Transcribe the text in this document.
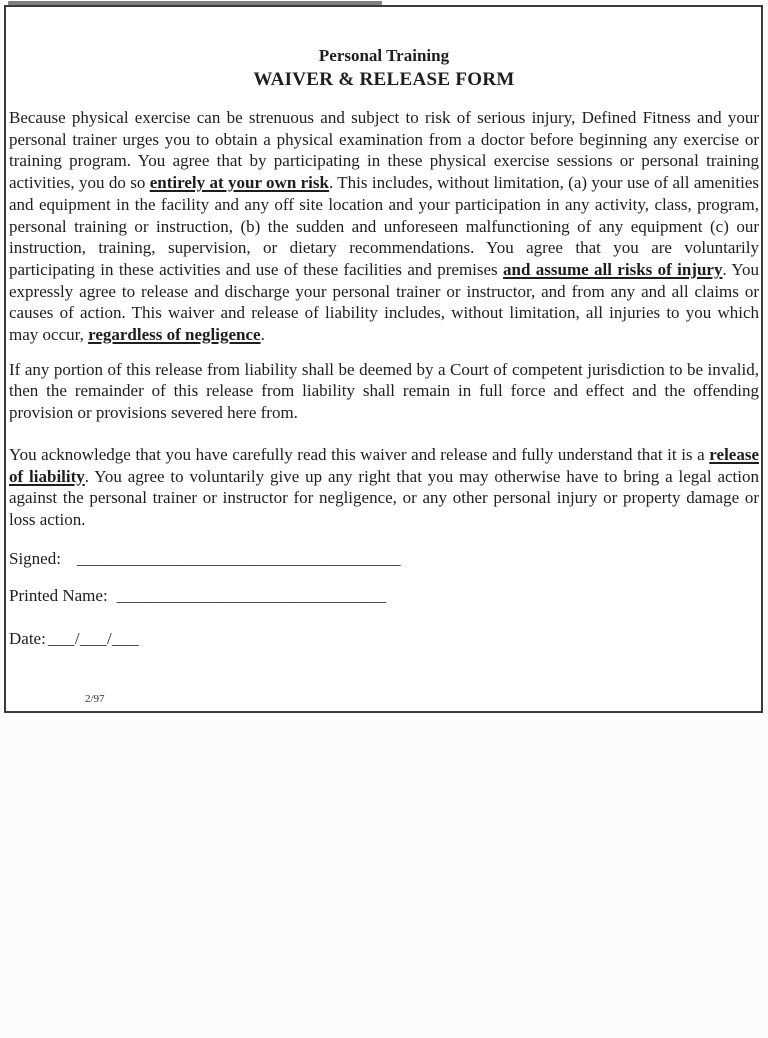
Personal Training
WAIVER & RELEASE FORM

Because physical exercise can be strenuous and subject to risk of serious injury, Defined Fitness and your personal trainer urges you to obtain a physical examination from a doctor before beginning any exercise or training program. You agree that by participating in these physical exercise sessions or personal training activities, you do so entirely at your own risk. This includes, without limitation, (a) your use of all amenities and equipment in the facility and any off site location and your participation in any activity, class, program, personal training or instruction, (b) the sudden and unforeseen malfunctioning of any equipment (c) our instruction, training, supervision, or dietary recommendations. You agree that you are voluntarily participating in these activities and use of these facilities and premises and assume all risks of injury. You expressly agree to release and discharge your personal trainer or instructor, and from any and all claims or causes of action. This waiver and release of liability includes, without limitation, all injuries to you which may occur, regardless of negligence.

If any portion of this release from liability shall be deemed by a Court of competent jurisdiction to be invalid, then the remainder of this release from liability shall remain in full force and effect and the offending provision or provisions severed here from.

You acknowledge that you have carefully read this waiver and release and fully understand that it is a release of liability. You agree to voluntarily give up any right that you may otherwise have to bring a legal action against the personal trainer or instructor for negligence, or any other personal injury or property damage or loss action.

Signed: ____________________________________
Printed Name: ______________________________
Date: ___/___/___
2/97
